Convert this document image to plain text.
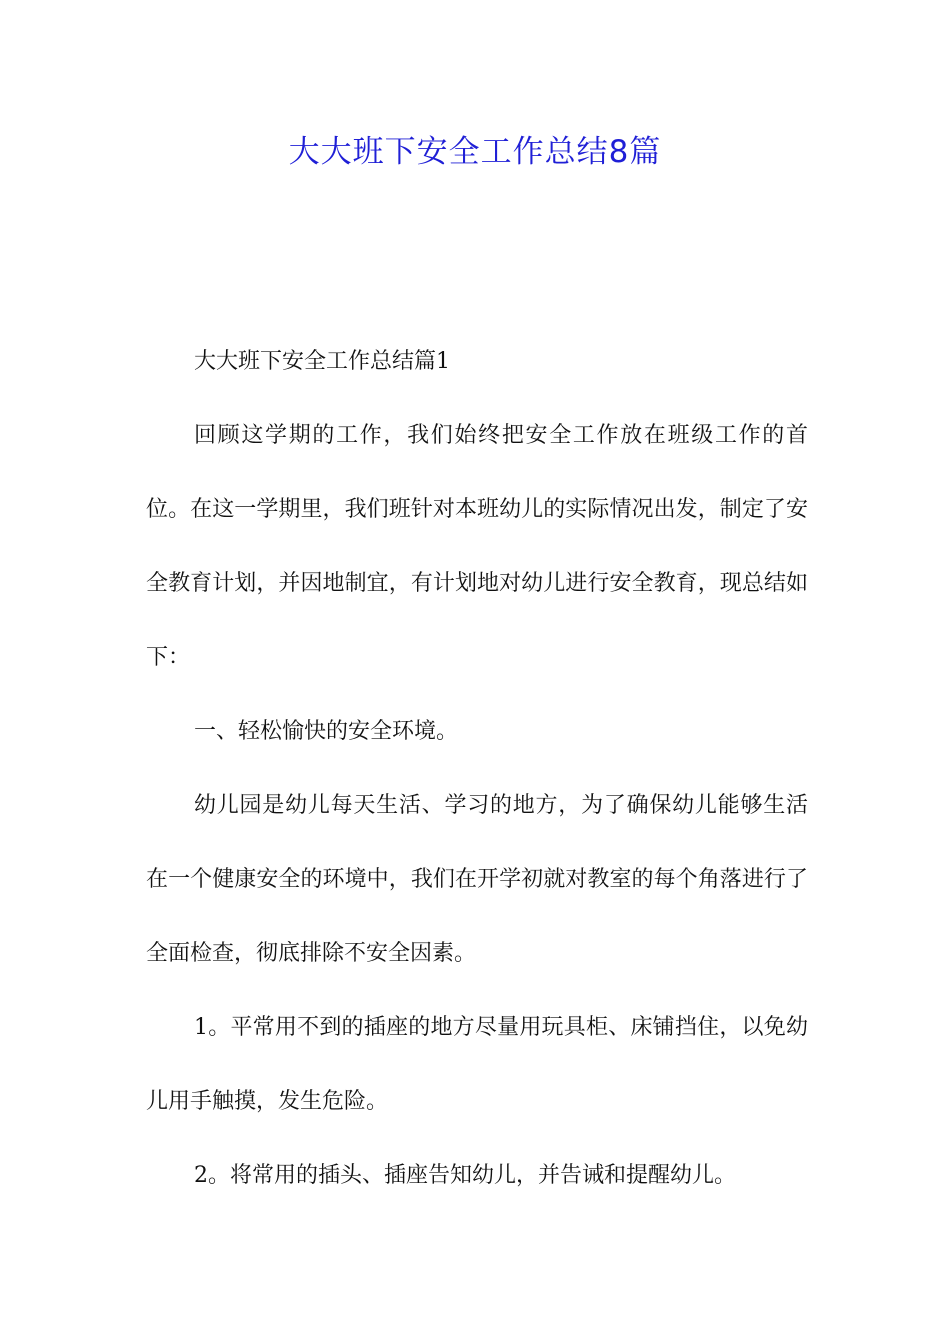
大大班下安全工作总结8篇
大大班下安全工作总结篇1

回顾这学期的工作，我们始终把安全工作放在班级工作的首位。在这一学期里，我们班针对本班幼儿的实际情况出发，制定了安全教育计划，并因地制宜，有计划地对幼儿进行安全教育，现总结如下：

一、轻松愉快的安全环境。

幼儿园是幼儿每天生活、学习的地方，为了确保幼儿能够生活在一个健康安全的环境中，我们在开学初就对教室的每个角落进行了全面检查，彻底排除不安全因素。

1。平常用不到的插座的地方尽量用玩具柜、床铺挡住，以免幼儿用手触摸，发生危险。

2。将常用的插头、插座告知幼儿，并告诫和提醒幼儿。
